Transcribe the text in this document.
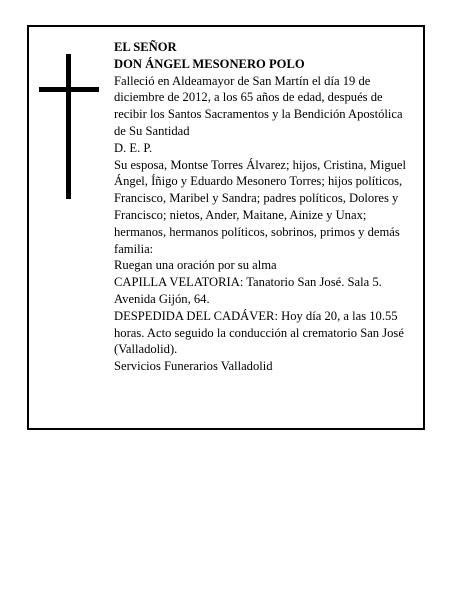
EL SEÑOR

DON ÁNGEL MESONERO POLO

Falleció en Aldeamayor de San Martín el día 19 de diciembre de 2012, a los 65 años de edad, después de recibir los Santos Sacramentos y la Bendición Apostólica de Su Santidad

D. E. P.

Su esposa, Montse Torres Álvarez; hijos, Cristina, Miguel Ángel, Íñigo y Eduardo Mesonero Torres; hijos políticos, Francisco, Maribel y Sandra; padres políticos, Dolores y Francisco; nietos, Ander, Maitane, Ainize y Unax; hermanos, hermanos políticos, sobrinos, primos y demás familia:

Ruegan una oración por su alma

CAPILLA VELATORIA: Tanatorio San José. Sala 5. Avenida Gijón, 64.

DESPEDIDA DEL CADÁVER: Hoy día 20, a las 10.55 horas. Acto seguido la conducción al crematorio San José (Valladolid).

Servicios Funerarios Valladolid
